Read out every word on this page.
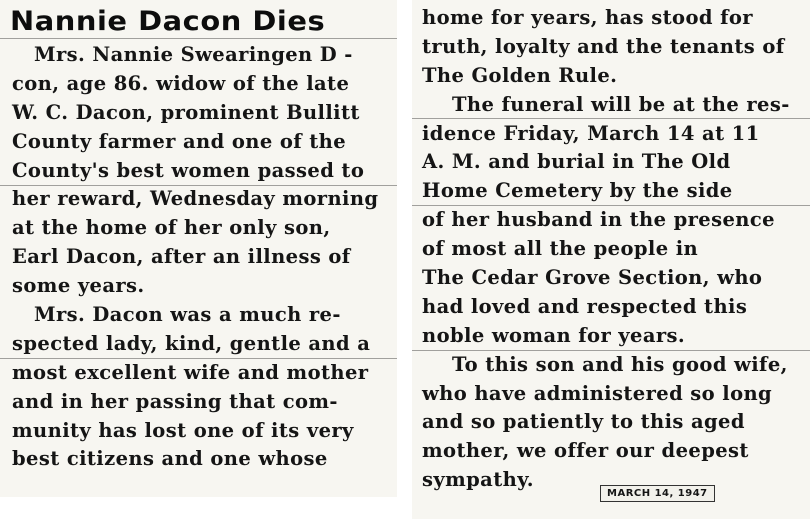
Nannie Dacon Dies

Mrs. Nannie Swearingen D -

con, age 86. widow of the late

W. C. Dacon, prominent Bullitt

County farmer and one of the

County's best women passed to

her reward, Wednesday morning

at the home of her only son,

Earl Dacon, after an illness of

some years.

Mrs. Dacon was a much re-

spected lady, kind, gentle and a

most excellent wife and mother

and in her passing that com-

munity has lost one of its very

best citizens and one whose

home for years, has stood for

truth, loyalty and the tenants of

The Golden Rule.

The funeral will be at the res-

idence Friday, March 14 at 11

A. M. and burial in The Old

Home Cemetery by the side

of her husband in the presence

of most all the people in

The Cedar Grove Section, who

had loved and respected this

noble woman for years.

To this son and his good wife,

who have administered so long

and so patiently to this aged

mother, we offer our deepest

sympathy.

MARCH 14, 1947
